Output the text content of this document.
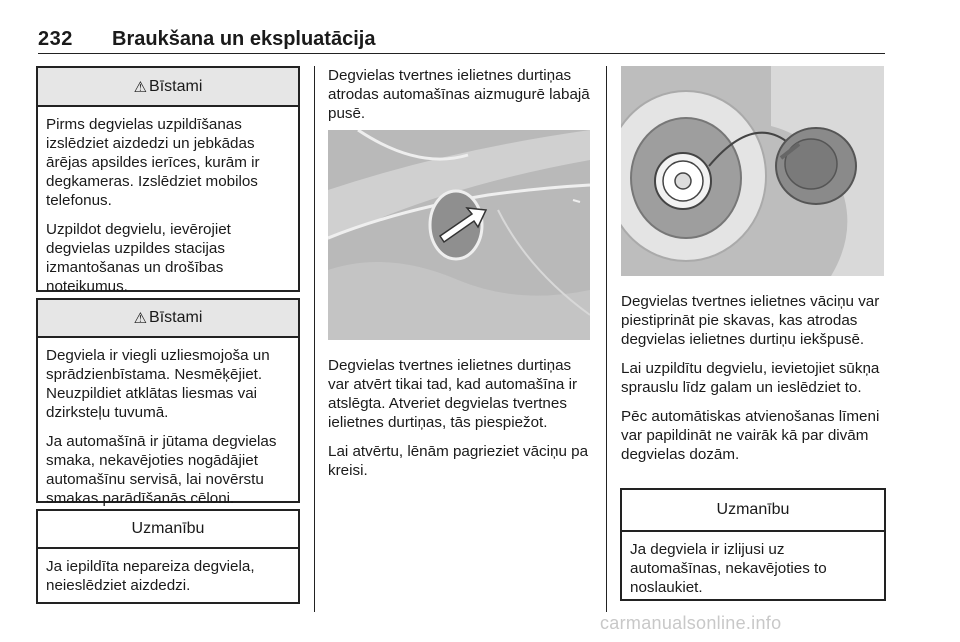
232 Braukšana un ekspluatācija
⚠ Bīstami

Pirms degvielas uzpildīšanas izslēdziet aizdedzi un jebkādas ārējas apsildes ierīces, kurām ir degkameras. Izslēdziet mobilos telefonus.

Uzpildot degvielu, ievērojiet degvielas uzpildes stacijas izmantošanas un drošības noteikumus.

⚠ Bīstami

Degviela ir viegli uzliesmojoša un sprādzienbīstama. Nesmēķējiet. Neuzpildiet atklātas liesmas vai dzirksteļu tuvumā.

Ja automašīnā ir jūtama degvielas smaka, nekavējoties nogādājiet automašīnu servisā, lai novērstu smakas parādīšanās cēloni.

Uzmanību

Ja iepildīta nepareiza degviela, neieslēdziet aizdedzi.

Degvielas tvertnes ielietnes durtiņas atrodas automašīnas aizmugurē labajā pusē.

Degvielas tvertnes ielietnes durtiņas var atvērt tikai tad, kad automašīna ir atslēgta. Atveriet degvielas tvertnes ielietnes durtiņas, tās piespiežot.

Lai atvērtu, lēnām pagrieziet vāciņu pa kreisi.

Degvielas tvertnes ielietnes vāciņu var piestiprināt pie skavas, kas atrodas degvielas ielietnes durtiņu iekšpusē.

Lai uzpildītu degvielu, ievietojiet sūkņa sprauslu līdz galam un ieslēdziet to.

Pēc automātiskas atvienošanas līmeni var papildināt ne vairāk kā par divām degvielas dozām.

Uzmanību

Ja degviela ir izlijusi uz automašīnas, nekavējoties to noslaukiet.

carmanualsonline.info
